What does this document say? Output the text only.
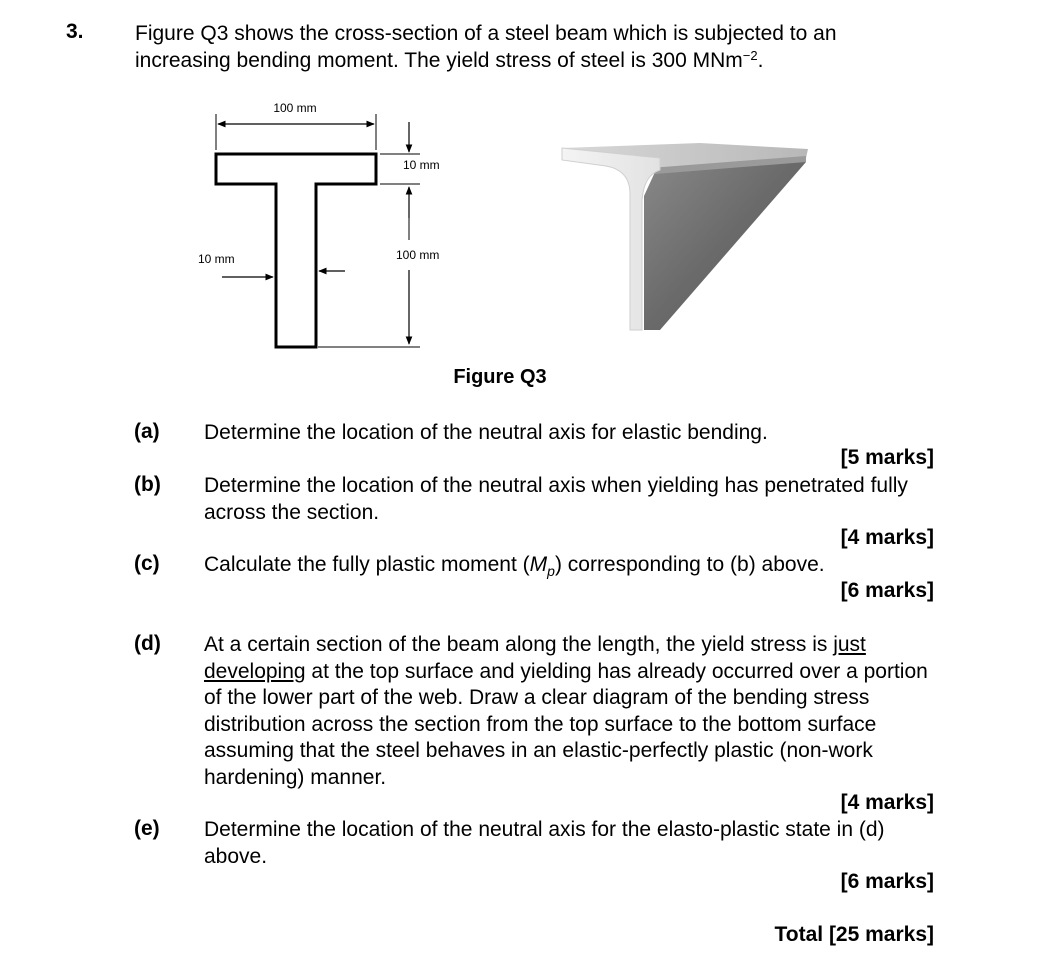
3. Figure Q3 shows the cross-section of a steel beam which is subjected to an increasing bending moment. The yield stress of steel is 300 MNm$^{-2}$.
100 mm
10 mm
100 mm
10 mm
Figure Q3
(a) Determine the location of the neutral axis for elastic bending.
[5 marks]
(b) Determine the location of the neutral axis when yielding has penetrated fully across the section.
[4 marks]
(c) Calculate the fully plastic moment $(M_p)$ corresponding to (b) above.
[6 marks]
(d) At a certain section of the beam along the length, the yield stress is just developing at the top surface and yielding has already occurred over a portion of the lower part of the web. Draw a clear diagram of the bending stress distribution across the section from the top surface to the bottom surface assuming that the steel behaves in an elastic-perfectly plastic (non-work hardening) manner.
[4 marks]
(e) Determine the location of the neutral axis for the elasto-plastic state in (d) above.
[6 marks]
Total [25 marks]
